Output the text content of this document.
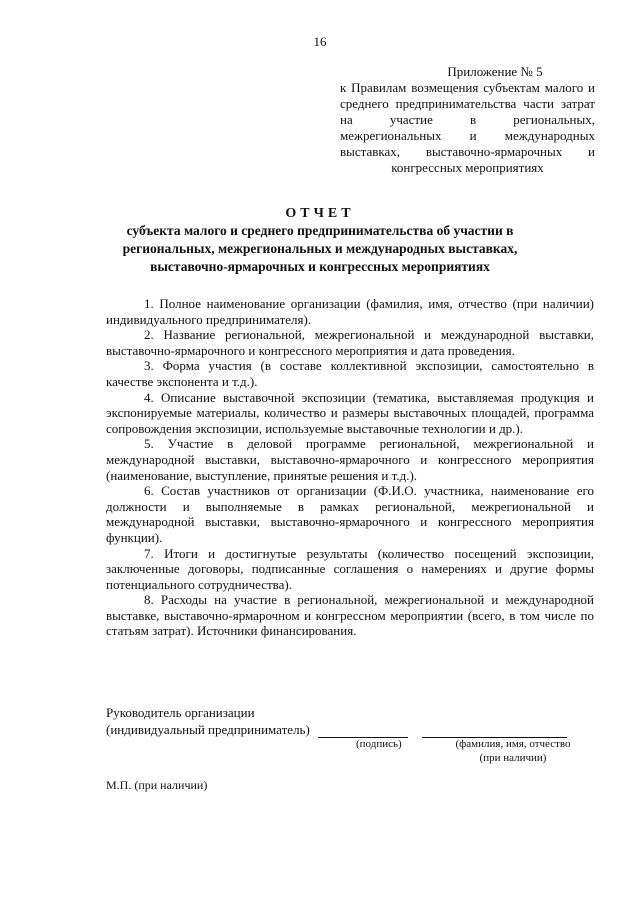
16
Приложение № 5
к Правилам возмещения субъектам малого и среднего предпринимательства части затрат на участие в региональных, межрегиональных и международных выставках, выставочно-ярмарочных и конгрессных мероприятиях
ОТЧЕТ
субъекта малого и среднего предпринимательства об участии в региональных, межрегиональных и международных выставках, выставочно-ярмарочных и конгрессных мероприятиях

1. Полное наименование организации (фамилия, имя, отчество (при наличии) индивидуального предпринимателя).

2. Название региональной, межрегиональной и международной выставки, выставочно-ярмарочного и конгрессного мероприятия и дата проведения.

3. Форма участия (в составе коллективной экспозиции, самостоятельно в качестве экспонента и т.д.).

4. Описание выставочной экспозиции (тематика, выставляемая продукция и экспонируемые материалы, количество и размеры выставочных площадей, программа сопровождения экспозиции, используемые выставочные технологии и др.).

5. Участие в деловой программе региональной, межрегиональной и международной выставки, выставочно-ярмарочного и конгрессного мероприятия (наименование, выступление, принятые решения и т.д.).

6. Состав участников от организации (Ф.И.О. участника, наименование его должности и выполняемые в рамках региональной, межрегиональной и международной выставки, выставочно-ярмарочного и конгрессного мероприятия функции).

7. Итоги и достигнутые результаты (количество посещений экспозиции, заключенные договоры, подписанные соглашения о намерениях и другие формы потенциального сотрудничества).

8. Расходы на участие в региональной, межрегиональной и международной выставке, выставочно-ярмарочном и конгрессном мероприятии (всего, в том числе по статьям затрат). Источники финансирования.

Руководитель организации
(индивидуальный предприниматель)
(подпись)	(фамилия, имя, отчество
(при наличии)
М.П. (при наличии)
